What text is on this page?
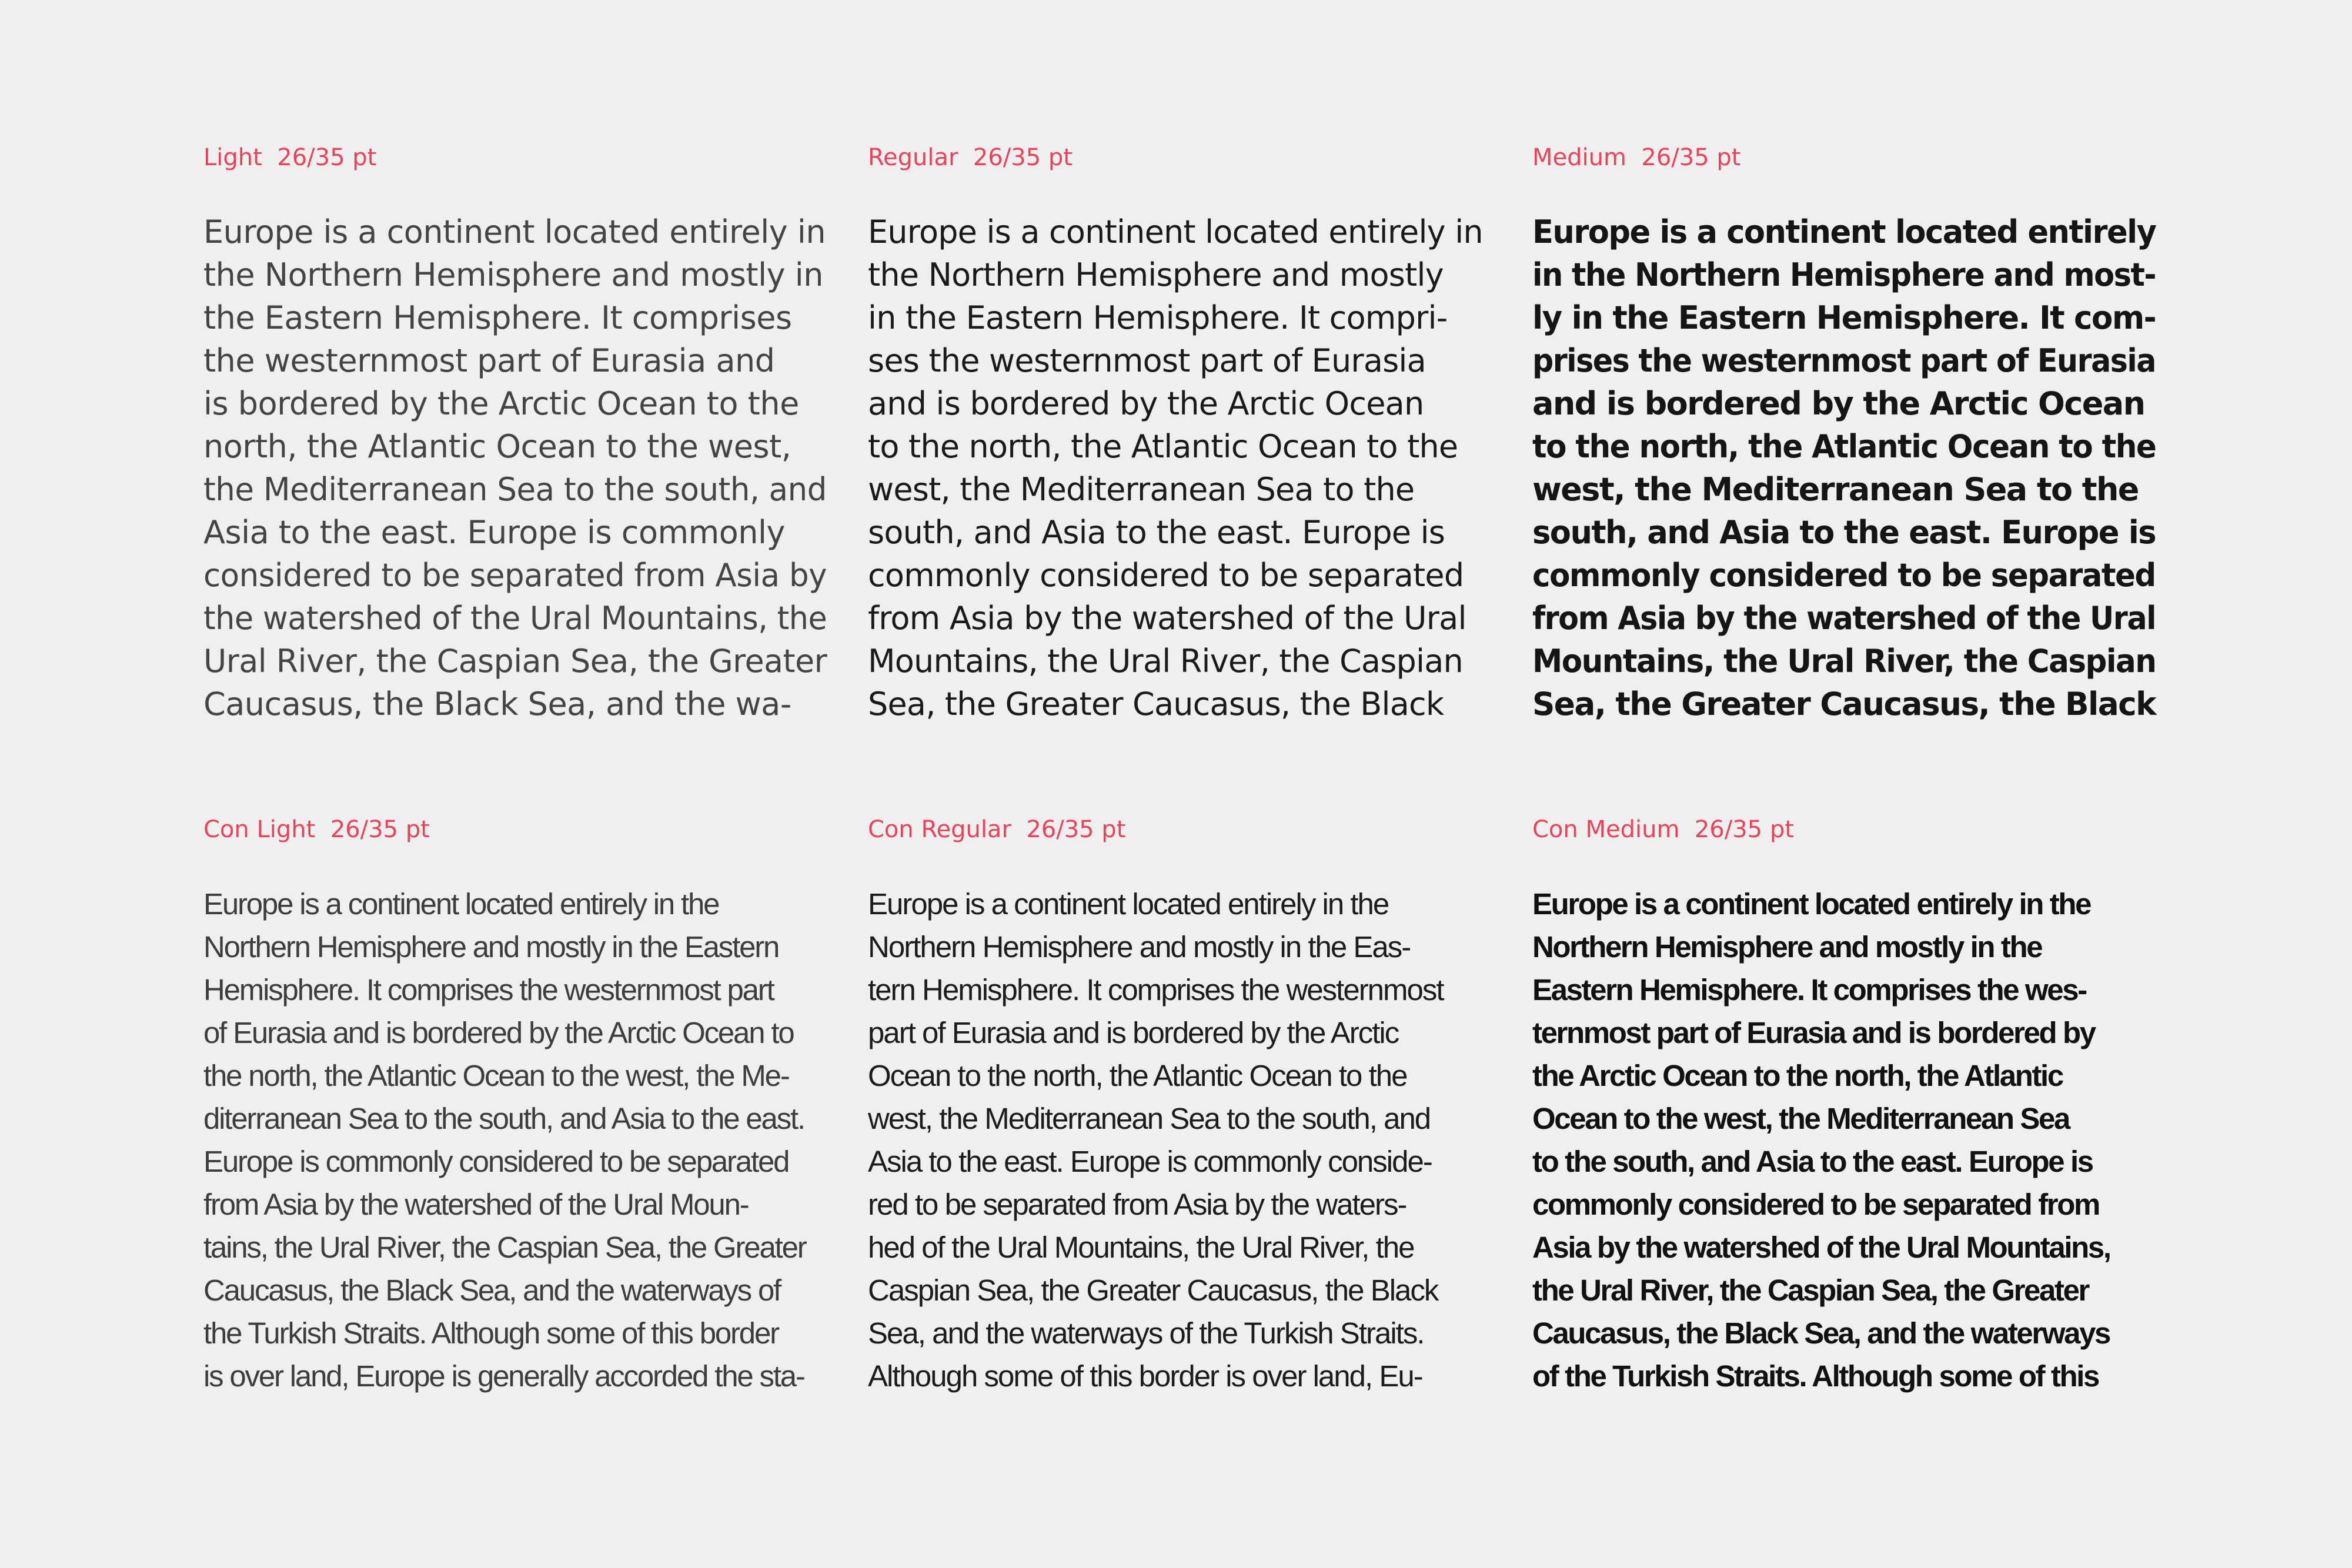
Light  26/35 pt

Europe is a continent located entirely in
the Northern Hemisphere and mostly in
the Eastern Hemisphere. It comprises
the westernmost part of Eurasia and
is bordered by the Arctic Ocean to the
north, the Atlantic Ocean to the west,
the Mediterranean Sea to the south, and
Asia to the east. Europe is commonly
considered to be separated from Asia by
the watershed of the Ural Mountains, the
Ural River, the Caspian Sea, the Greater
Caucasus, the Black Sea, and the wa-

Regular  26/35 pt

Europe is a continent located entirely in
the Northern Hemisphere and mostly
in the Eastern Hemisphere. It compri-
ses the westernmost part of Eurasia
and is bordered by the Arctic Ocean
to the north, the Atlantic Ocean to the
west, the Mediterranean Sea to the
south, and Asia to the east. Europe is
commonly considered to be separated
from Asia by the watershed of the Ural
Mountains, the Ural River, the Caspian
Sea, the Greater Caucasus, the Black

Medium  26/35 pt

Europe is a continent located entirely
in the Northern Hemisphere and most-
ly in the Eastern Hemisphere. It com-
prises the westernmost part of Eurasia
and is bordered by the Arctic Ocean
to the north, the Atlantic Ocean to the
west, the Mediterranean Sea to the
south, and Asia to the east. Europe is
commonly considered to be separated
from Asia by the watershed of the Ural
Mountains, the Ural River, the Caspian
Sea, the Greater Caucasus, the Black

Con Light  26/35 pt

Europe is a continent located entirely in the
Northern Hemisphere and mostly in the Eastern
Hemisphere. It comprises the westernmost part
of Eurasia and is bordered by the Arctic Ocean to
the north, the Atlantic Ocean to the west, the Me-
diterranean Sea to the south, and Asia to the east.
Europe is commonly considered to be separated
from Asia by the watershed of the Ural Moun-
tains, the Ural River, the Caspian Sea, the Greater
Caucasus, the Black Sea, and the waterways of
the Turkish Straits. Although some of this border
is over land, Europe is generally accorded the sta-

Con Regular  26/35 pt

Europe is a continent located entirely in the
Northern Hemisphere and mostly in the Eas-
tern Hemisphere. It comprises the westernmost
part of Eurasia and is bordered by the Arctic
Ocean to the north, the Atlantic Ocean to the
west, the Mediterranean Sea to the south, and
Asia to the east. Europe is commonly conside-
red to be separated from Asia by the waters-
hed of the Ural Mountains, the Ural River, the
Caspian Sea, the Greater Caucasus, the Black
Sea, and the waterways of the Turkish Straits.
Although some of this border is over land, Eu-

Con Medium  26/35 pt

Europe is a continent located entirely in the
Northern Hemisphere and mostly in the
Eastern Hemisphere. It comprises the wes-
ternmost part of Eurasia and is bordered by
the Arctic Ocean to the north, the Atlantic
Ocean to the west, the Mediterranean Sea
to the south, and Asia to the east. Europe is
commonly considered to be separated from
Asia by the watershed of the Ural Mountains,
the Ural River, the Caspian Sea, the Greater
Caucasus, the Black Sea, and the waterways
of the Turkish Straits. Although some of this
